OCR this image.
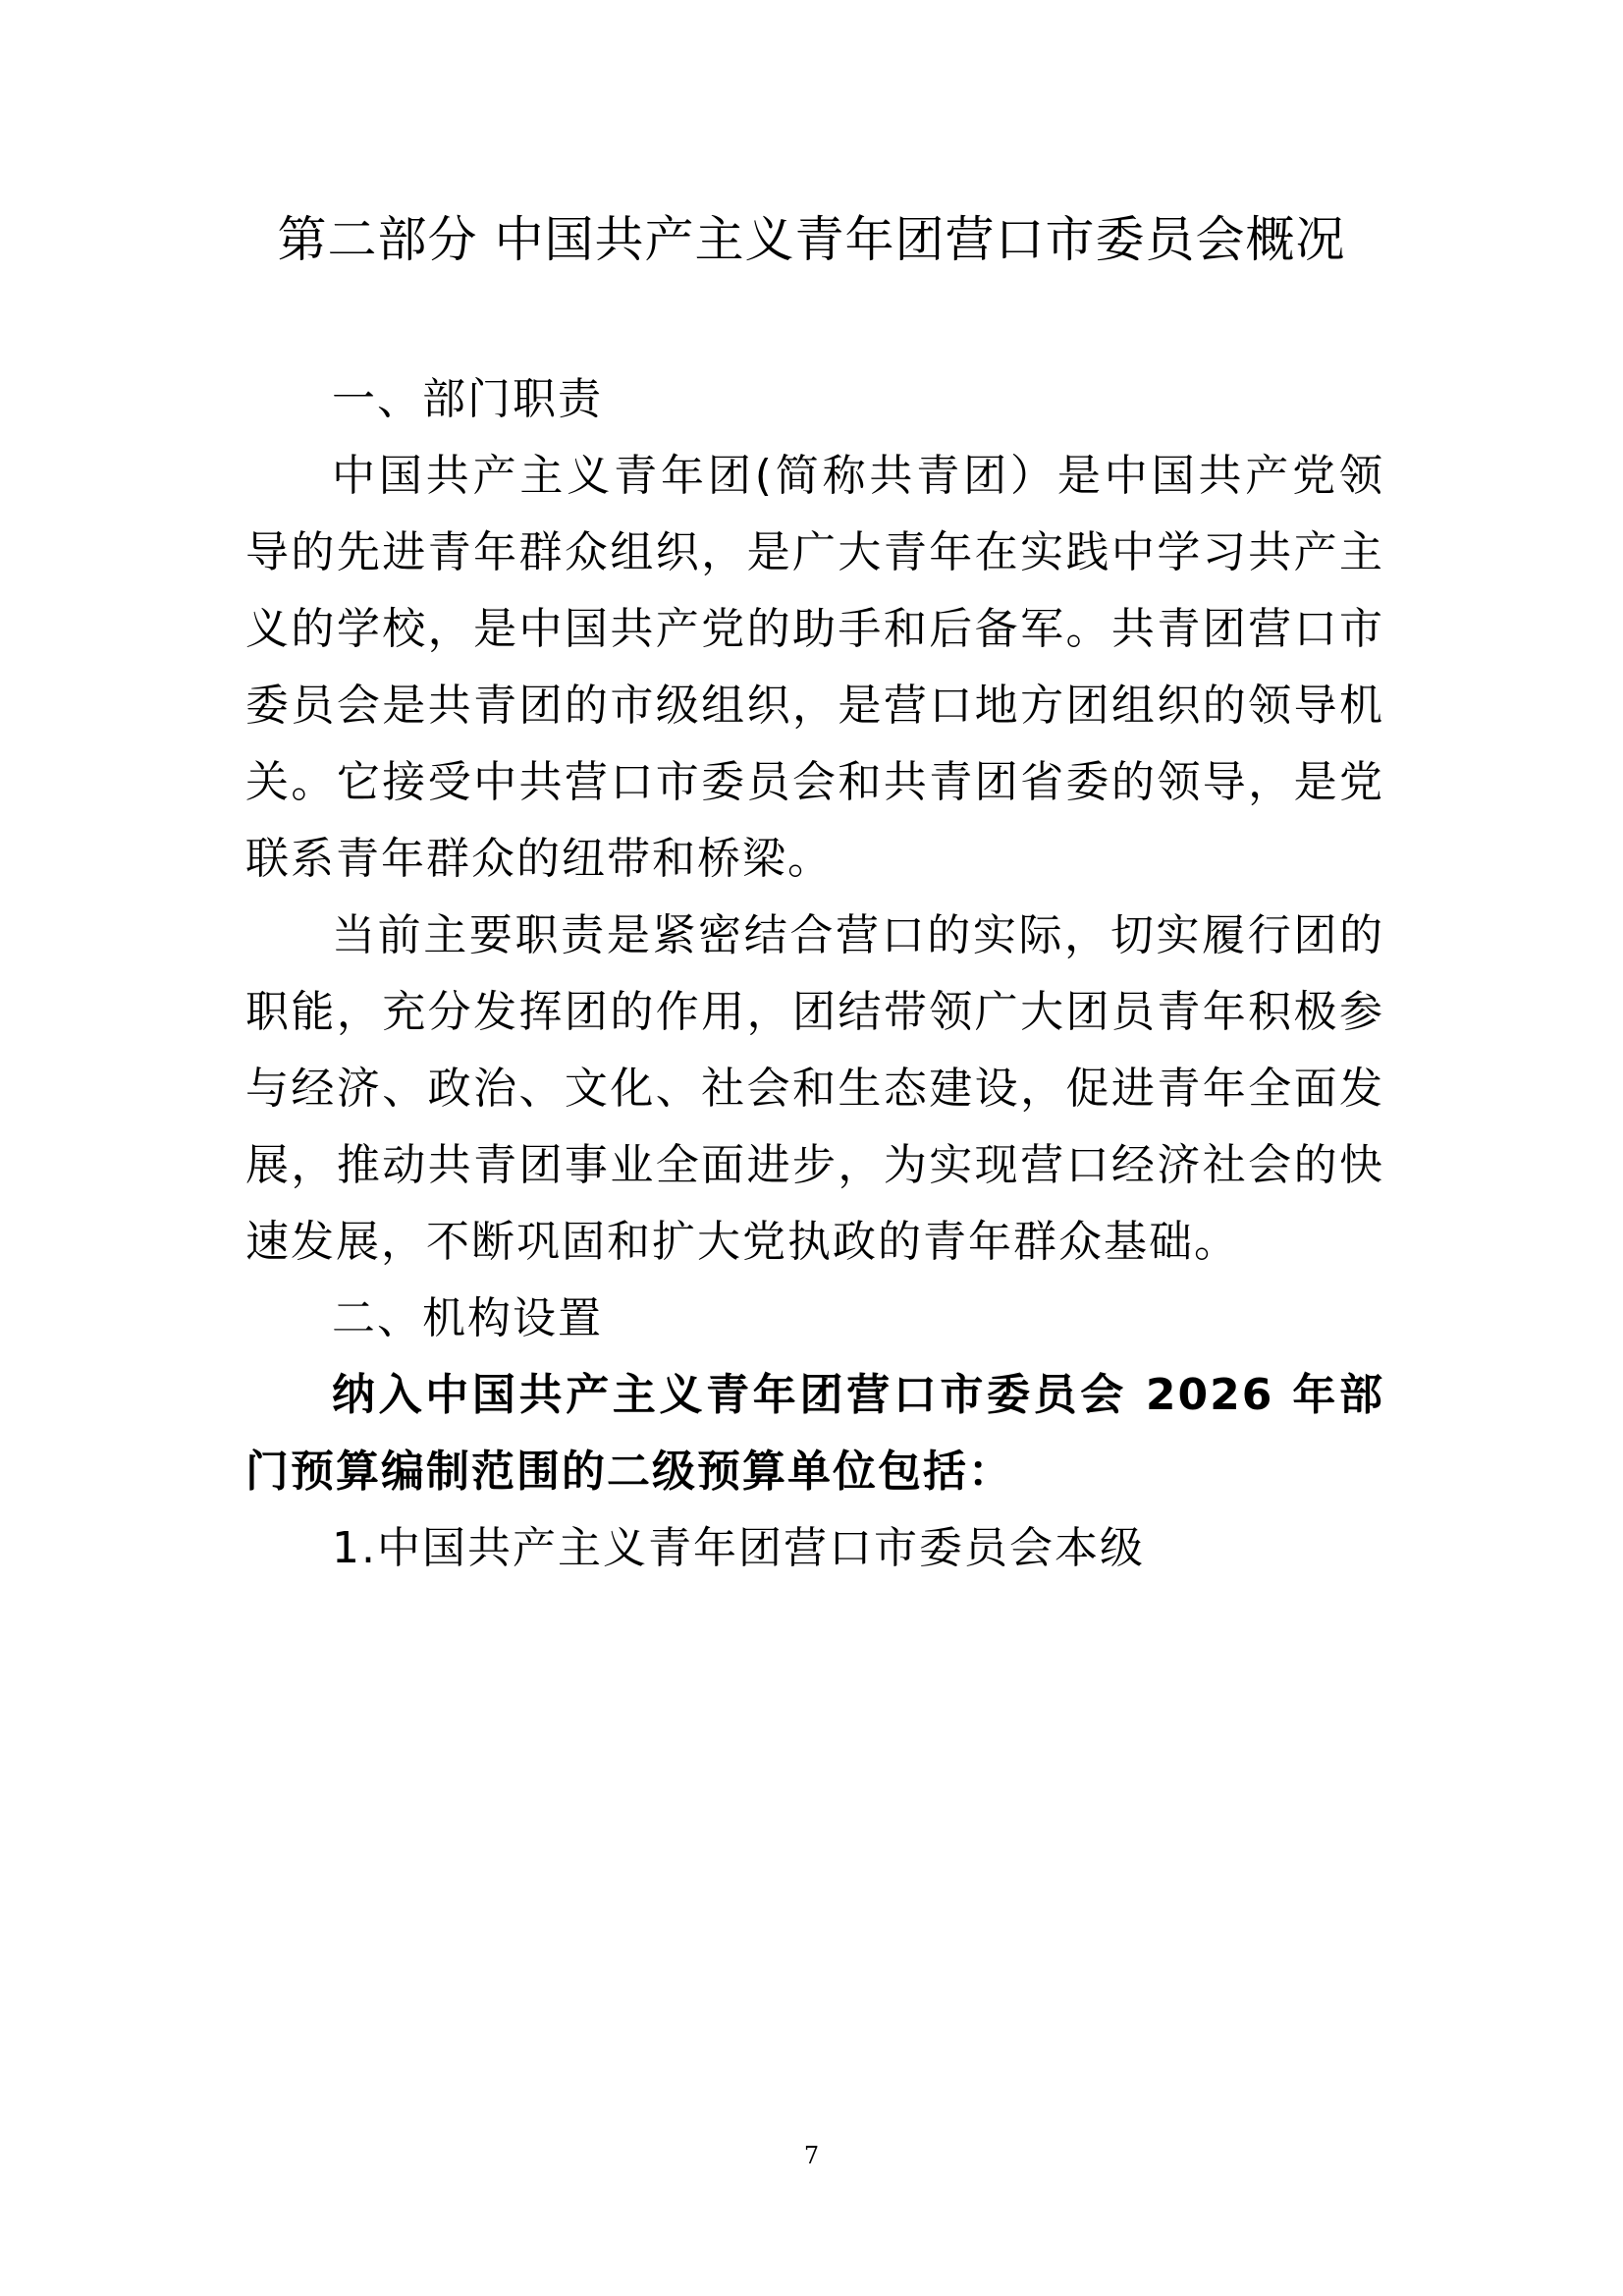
第二部分 中国共产主义青年团营口市委员会概况

一、部门职责

中国共产主义青年团(简称共青团）是中国共产党领导的先进青年群众组织，是广大青年在实践中学习共产主义的学校，是中国共产党的助手和后备军。共青团营口市委员会是共青团的市级组织，是营口地方团组织的领导机关。它接受中共营口市委员会和共青团省委的领导，是党联系青年群众的纽带和桥梁。

当前主要职责是紧密结合营口的实际，切实履行团的职能，充分发挥团的作用，团结带领广大团员青年积极参与经济、政治、文化、社会和生态建设，促进青年全面发展，推动共青团事业全面进步，为实现营口经济社会的快速发展，不断巩固和扩大党执政的青年群众基础。

二、机构设置

纳入中国共产主义青年团营口市委员会 2026 年部门预算编制范围的二级预算单位包括：

1.中国共产主义青年团营口市委员会本级

7
